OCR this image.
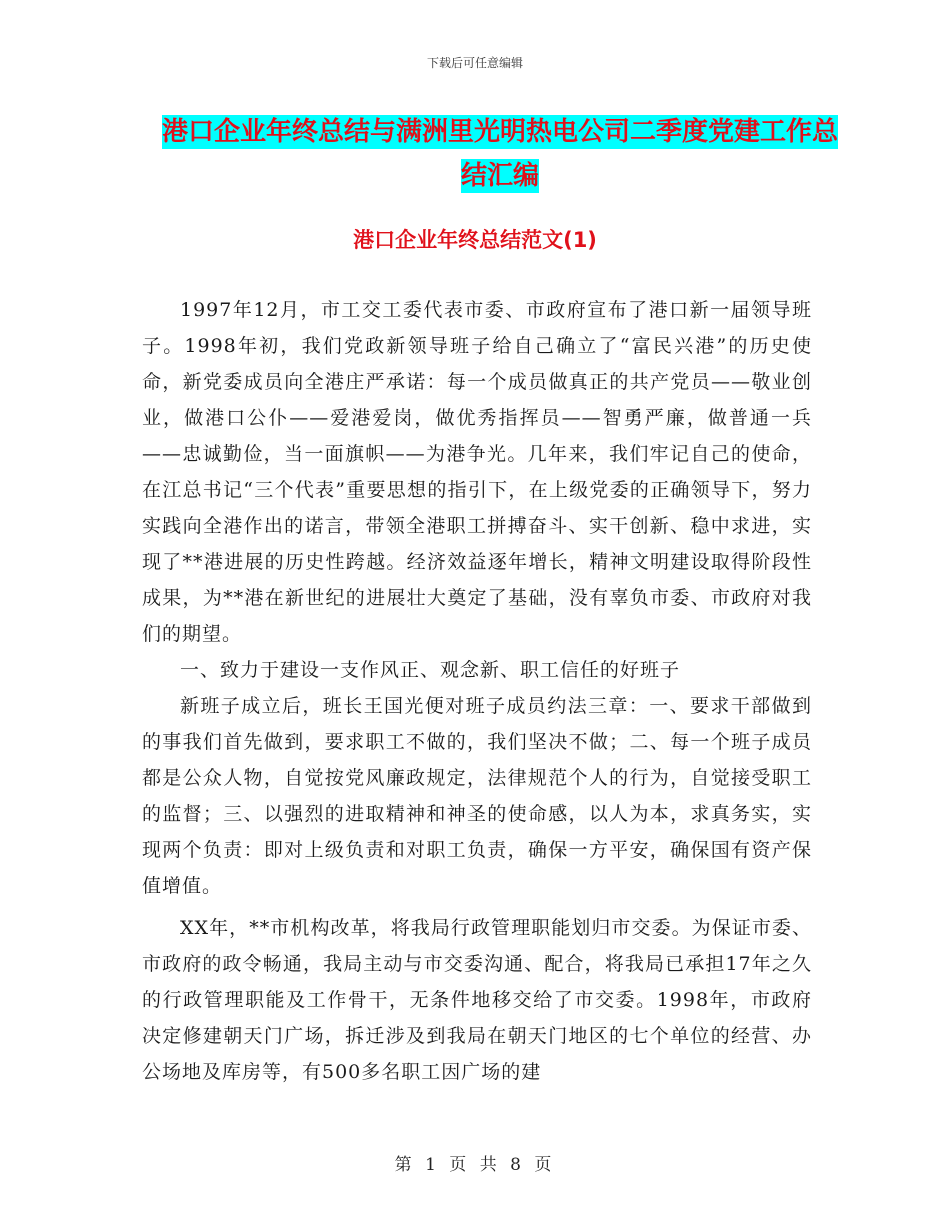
下载后可任意编辑
港口企业年终总结与满洲里光明热电公司二季度党建工作总结汇编
港口企业年终总结范文(1)

1997年12月，市工交工委代表市委、市政府宣布了港口新一届领导班子。1998年初，我们党政新领导班子给自己确立了“富民兴港”的历史使命，新党委成员向全港庄严承诺：每一个成员做真正的共产党员——敬业创业，做港口公仆——爱港爱岗，做优秀指挥员——智勇严廉，做普通一兵——忠诚勤俭，当一面旗帜——为港争光。几年来，我们牢记自己的使命，在江总书记“三个代表”重要思想的指引下，在上级党委的正确领导下，努力实践向全港作出的诺言，带领全港职工拼搏奋斗、实干创新、稳中求进，实现了**港进展的历史性跨越。经济效益逐年增长，精神文明建设取得阶段性成果，为**港在新世纪的进展壮大奠定了基础，没有辜负市委、市政府对我们的期望。

一、致力于建设一支作风正、观念新、职工信任的好班子

新班子成立后，班长王国光便对班子成员约法三章：一、要求干部做到的事我们首先做到，要求职工不做的，我们坚决不做；二、每一个班子成员都是公众人物，自觉按党风廉政规定，法律规范个人的行为，自觉接受职工的监督；三、以强烈的进取精神和神圣的使命感，以人为本，求真务实，实现两个负责：即对上级负责和对职工负责，确保一方平安，确保国有资产保值增值。

XX年，**市机构改革，将我局行政管理职能划归市交委。为保证市委、市政府的政令畅通，我局主动与市交委沟通、配合，将我局已承担17年之久的行政管理职能及工作骨干，无条件地移交给了市交委。1998年，市政府决定修建朝天门广场，拆迁涉及到我局在朝天门地区的七个单位的经营、办公场地及库房等，有500多名职工因广场的建

第 1 页 共 8 页
